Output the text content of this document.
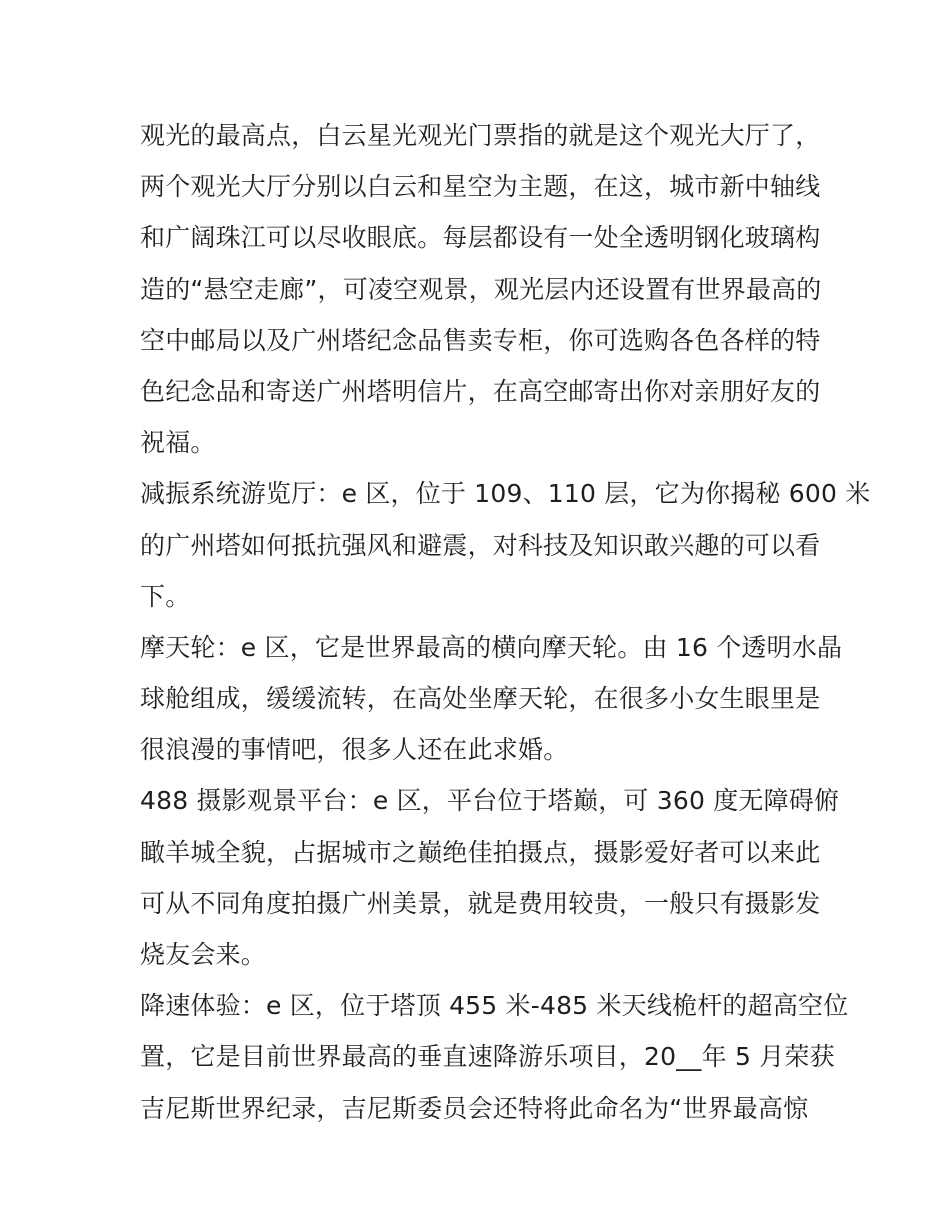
观光的最高点，白云星光观光门票指的就是这个观光大厅了，
两个观光大厅分别以白云和星空为主题，在这，城市新中轴线
和广阔珠江可以尽收眼底。每层都设有一处全透明钢化玻璃构
造的“悬空走廊”，可凌空观景，观光层内还设置有世界最高的
空中邮局以及广州塔纪念品售卖专柜，你可选购各色各样的特
色纪念品和寄送广州塔明信片，在高空邮寄出你对亲朋好友的
祝福。
减振系统游览厅：e 区，位于 109、110 层，它为你揭秘 600 米
的广州塔如何抵抗强风和避震，对科技及知识敢兴趣的可以看
下。
摩天轮：e 区，它是世界最高的横向摩天轮。由 16 个透明水晶
球舱组成，缓缓流转，在高处坐摩天轮，在很多小女生眼里是
很浪漫的事情吧，很多人还在此求婚。
488 摄影观景平台：e 区，平台位于塔巅，可 360 度无障碍俯
瞰羊城全貌，占据城市之巅绝佳拍摄点，摄影爱好者可以来此
可从不同角度拍摄广州美景，就是费用较贵，一般只有摄影发
烧友会来。
降速体验：e 区，位于塔顶 455 米-485 米天线桅杆的超高空位
置，它是目前世界最高的垂直速降游乐项目，20__年 5 月荣获
吉尼斯世界纪录，吉尼斯委员会还特将此命名为“世界最高惊
